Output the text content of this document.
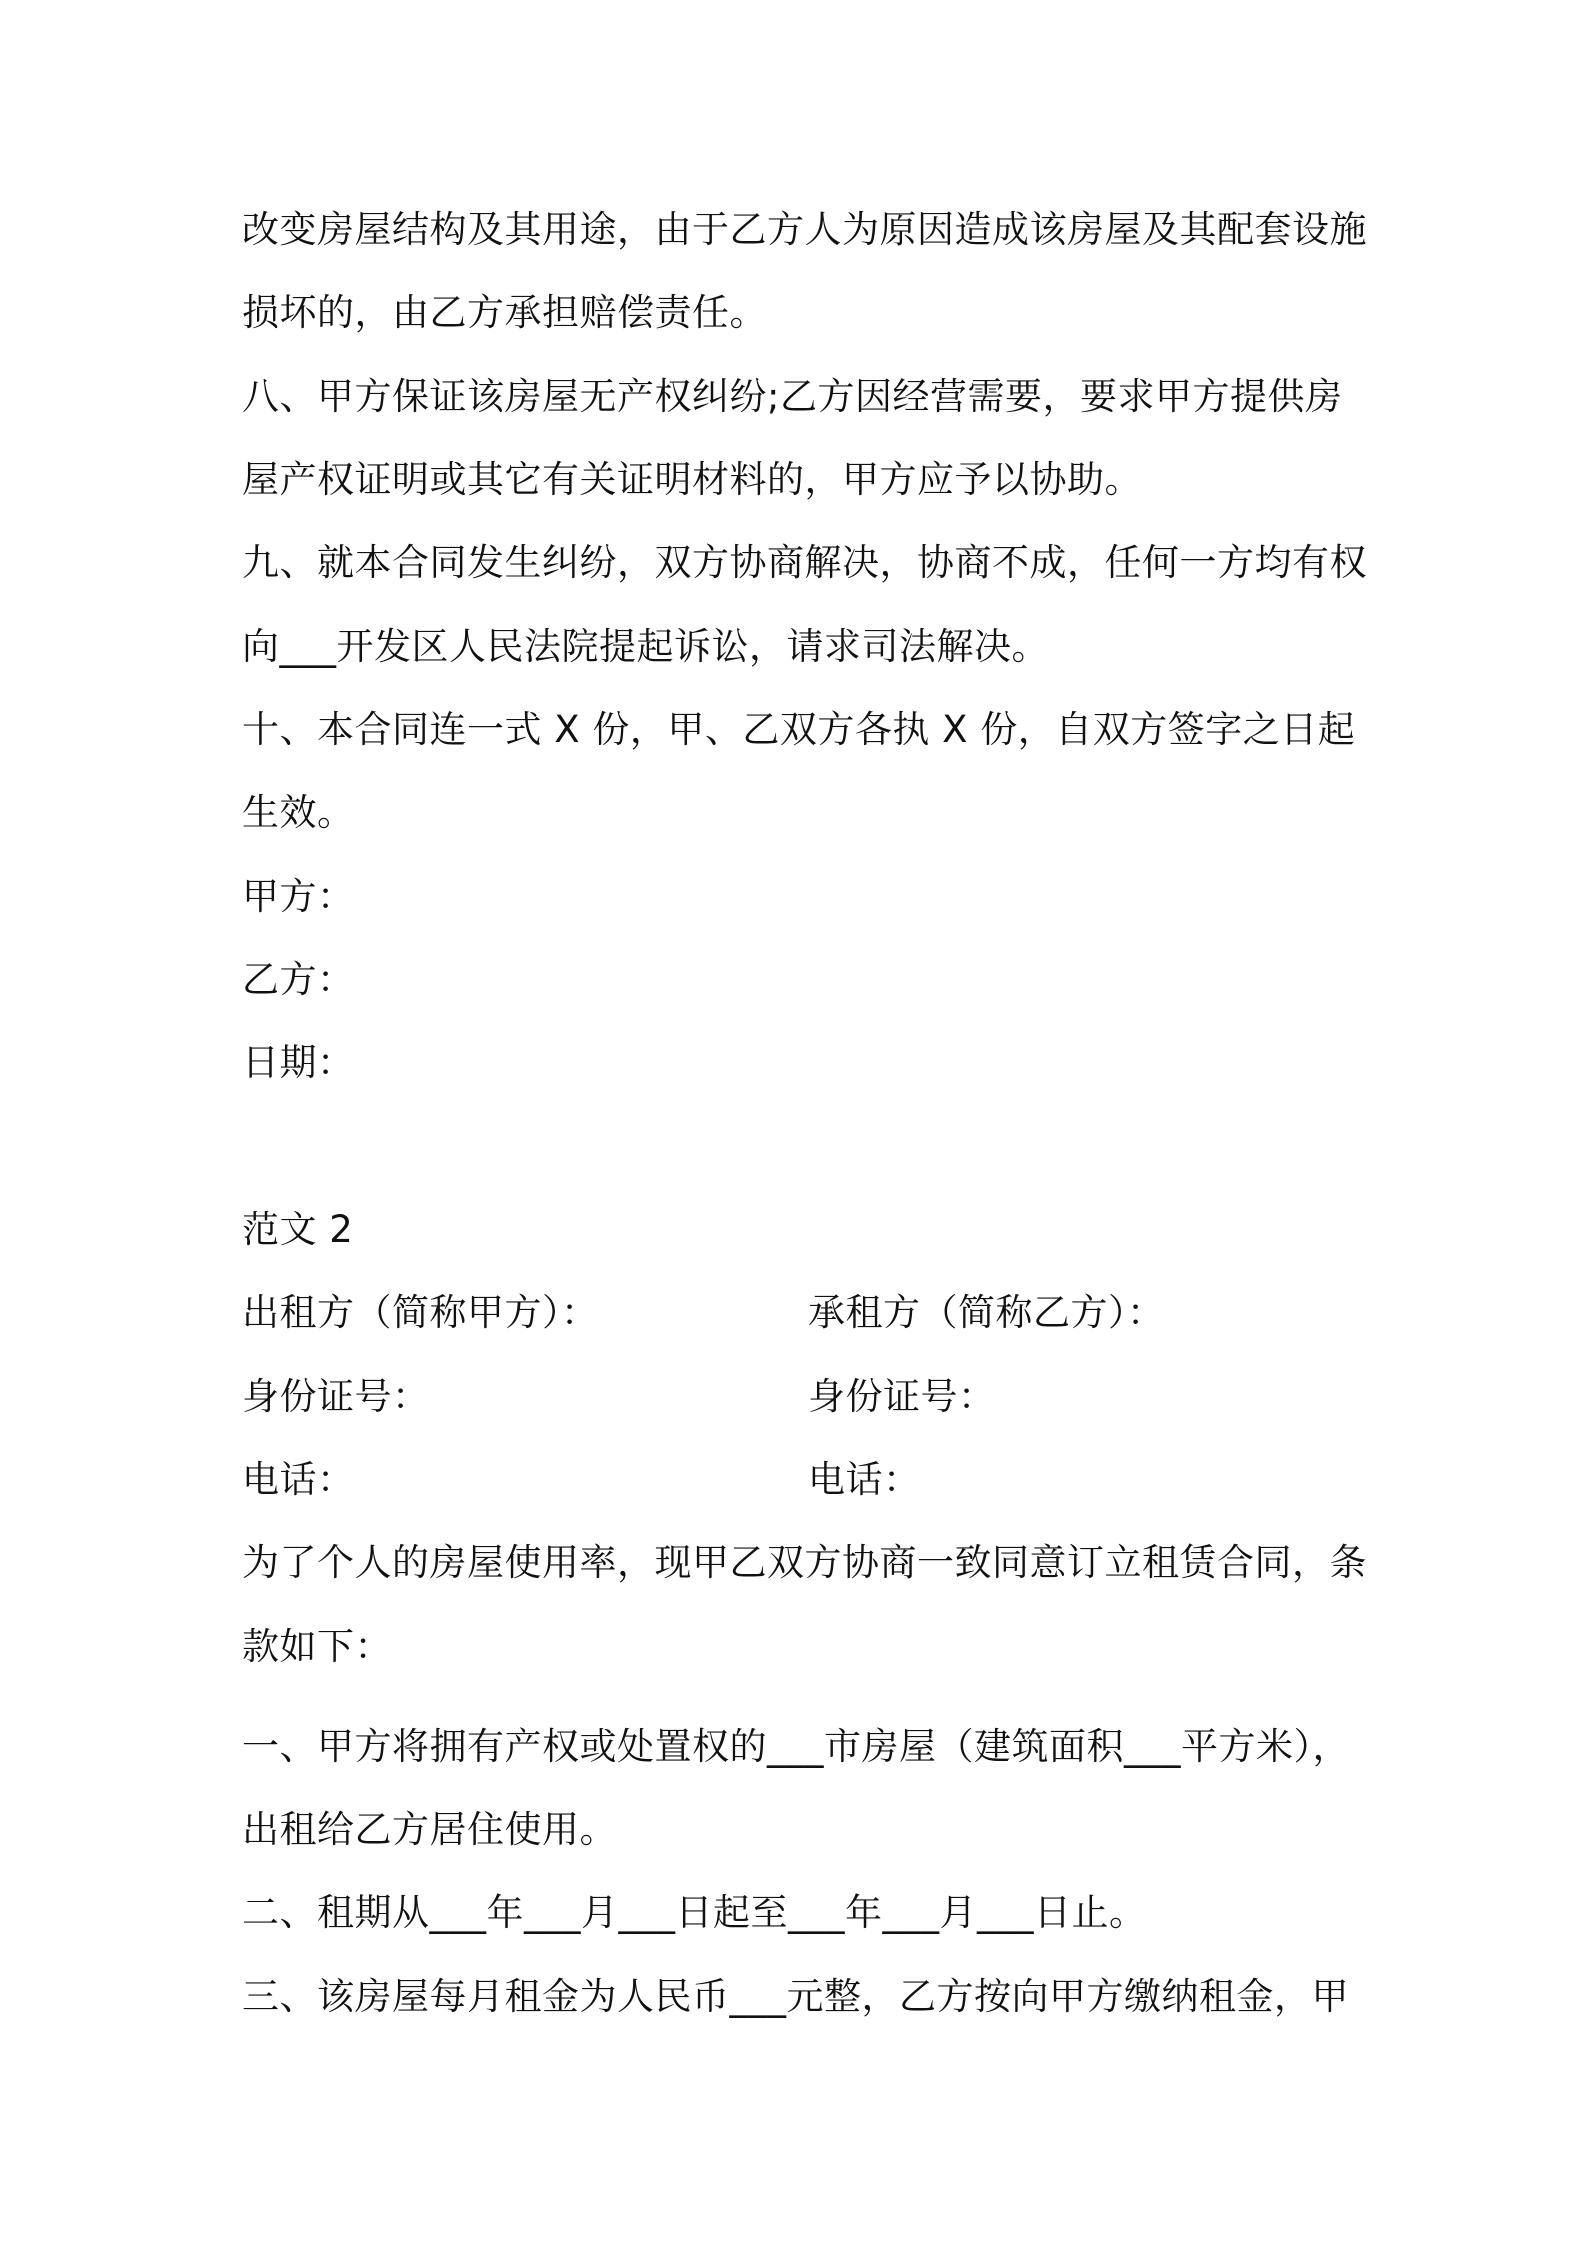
改变房屋结构及其用途，由于乙方人为原因造成该房屋及其配套设施
损坏的，由乙方承担赔偿责任。
八、甲方保证该房屋无产权纠纷;乙方因经营需要，要求甲方提供房
屋产权证明或其它有关证明材料的，甲方应予以协助。
九、就本合同发生纠纷，双方协商解决，协商不成，任何一方均有权
向___开发区人民法院提起诉讼，请求司法解决。
十、本合同连一式 X 份，甲、乙双方各执 X 份，自双方签字之日起
生效。
甲方：
乙方：
日期：
范文 2
出租方（简称甲方）：	承租方（简称乙方）：
身份证号：	身份证号：
电话：	电话：
为了个人的房屋使用率，现甲乙双方协商一致同意订立租赁合同，条
款如下：
一、甲方将拥有产权或处置权的___市房屋（建筑面积___平方米），
出租给乙方居住使用。
二、租期从___年___月___日起至___年___月___日止。
三、该房屋每月租金为人民币___元整，乙方按向甲方缴纳租金，甲
